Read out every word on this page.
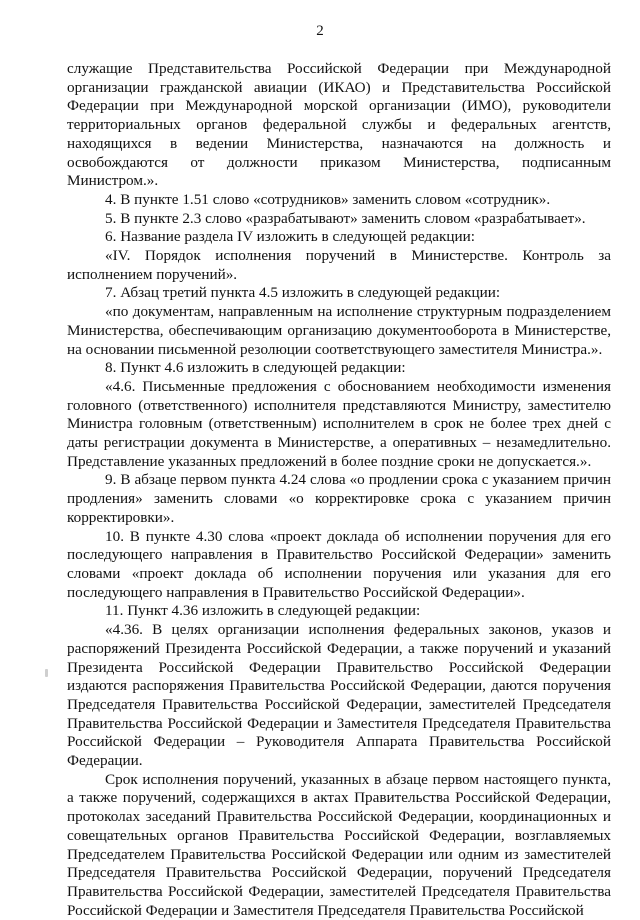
2

служащие Представительства Российской Федерации при Международной организации гражданской авиации (ИКАО) и Представительства Российской Федерации при Международной морской организации (ИМО), руководители территориальных органов федеральной службы и федеральных агентств, находящихся в ведении Министерства, назначаются на должность и освобождаются от должности приказом Министерства, подписанным Министром.».

4. В пункте 1.51 слово «сотрудников» заменить словом «сотрудник».

5. В пункте 2.3 слово «разрабатывают» заменить словом «разрабатывает».

6. Название раздела IV изложить в следующей редакции:

«IV. Порядок исполнения поручений в Министерстве. Контроль за исполнением поручений».

7. Абзац третий пункта 4.5 изложить в следующей редакции:

«по документам, направленным на исполнение структурным подразделением Министерства, обеспечивающим организацию документооборота в Министерстве, на основании письменной резолюции соответствующего заместителя Министра.».

8. Пункт 4.6 изложить в следующей редакции:

«4.6. Письменные предложения с обоснованием необходимости изменения головного (ответственного) исполнителя представляются Министру, заместителю Министра головным (ответственным) исполнителем в срок не более трех дней с даты регистрации документа в Министерстве, а оперативных – незамедлительно. Представление указанных предложений в более поздние сроки не допускается.».

9. В абзаце первом пункта 4.24 слова «о продлении срока с указанием причин продления» заменить словами «о корректировке срока с указанием причин корректировки».

10. В пункте 4.30 слова «проект доклада об исполнении поручения для его последующего направления в Правительство Российской Федерации» заменить словами «проект доклада об исполнении поручения или указания для его последующего направления в Правительство Российской Федерации».

11. Пункт 4.36 изложить в следующей редакции:

«4.36. В целях организации исполнения федеральных законов, указов и распоряжений Президента Российской Федерации, а также поручений и указаний Президента Российской Федерации Правительство Российской Федерации издаются распоряжения Правительства Российской Федерации, даются поручения Председателя Правительства Российской Федерации, заместителей Председателя Правительства Российской Федерации и Заместителя Председателя Правительства Российской Федерации – Руководителя Аппарата Правительства Российской Федерации.

Срок исполнения поручений, указанных в абзаце первом настоящего пункта, а также поручений, содержащихся в актах Правительства Российской Федерации, протоколах заседаний Правительства Российской Федерации, координационных и совещательных органов Правительства Российской Федерации, возглавляемых Председателем Правительства Российской Федерации или одним из заместителей Председателя Правительства Российской Федерации, поручений Председателя Правительства Российской Федерации, заместителей Председателя Правительства Российской Федерации и Заместителя Председателя Правительства Российской
